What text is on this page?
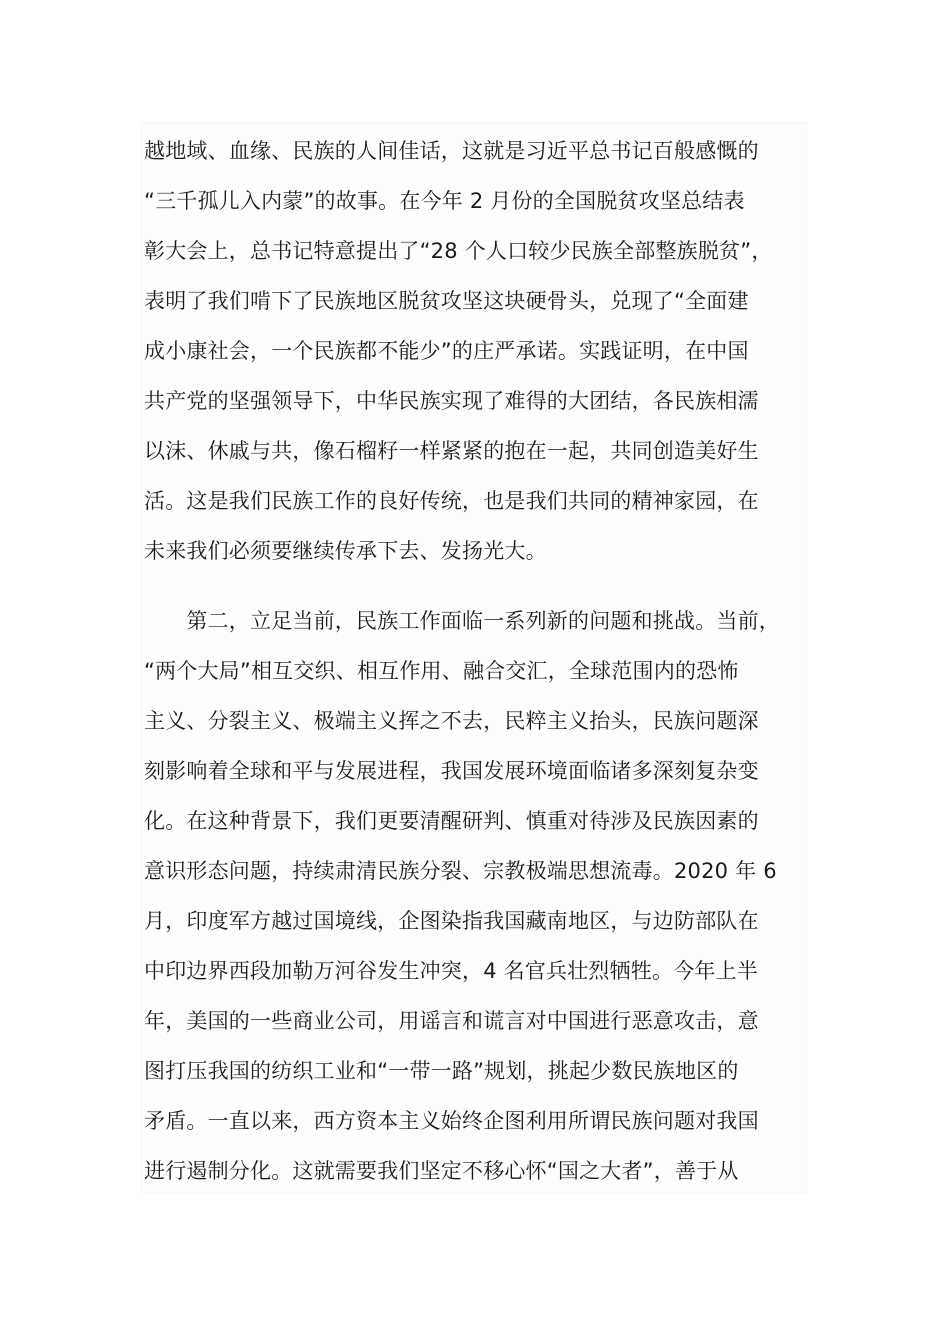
越地域、血缘、民族的人间佳话，这就是习近平总书记百般感慨的
“三千孤儿入内蒙”的故事。在今年 2 月份的全国脱贫攻坚总结表
彰大会上，总书记特意提出了“28 个人口较少民族全部整族脱贫”，
表明了我们啃下了民族地区脱贫攻坚这块硬骨头，兑现了“全面建
成小康社会，一个民族都不能少”的庄严承诺。实践证明，在中国
共产党的坚强领导下，中华民族实现了难得的大团结，各民族相濡
以沫、休戚与共，像石榴籽一样紧紧的抱在一起，共同创造美好生
活。这是我们民族工作的良好传统，也是我们共同的精神家园，在
未来我们必须要继续传承下去、发扬光大。
　　第二，立足当前，民族工作面临一系列新的问题和挑战。当前，
“两个大局”相互交织、相互作用、融合交汇，全球范围内的恐怖
主义、分裂主义、极端主义挥之不去，民粹主义抬头，民族问题深
刻影响着全球和平与发展进程，我国发展环境面临诸多深刻复杂变
化。在这种背景下，我们更要清醒研判、慎重对待涉及民族因素的
意识形态问题，持续肃清民族分裂、宗教极端思想流毒。2020 年 6
月，印度军方越过国境线，企图染指我国藏南地区，与边防部队在
中印边界西段加勒万河谷发生冲突，4 名官兵壮烈牺牲。今年上半
年，美国的一些商业公司，用谣言和谎言对中国进行恶意攻击，意
图打压我国的纺织工业和“一带一路”规划，挑起少数民族地区的
矛盾。一直以来，西方资本主义始终企图利用所谓民族问题对我国
进行遏制分化。这就需要我们坚定不移心怀“国之大者”，善于从
